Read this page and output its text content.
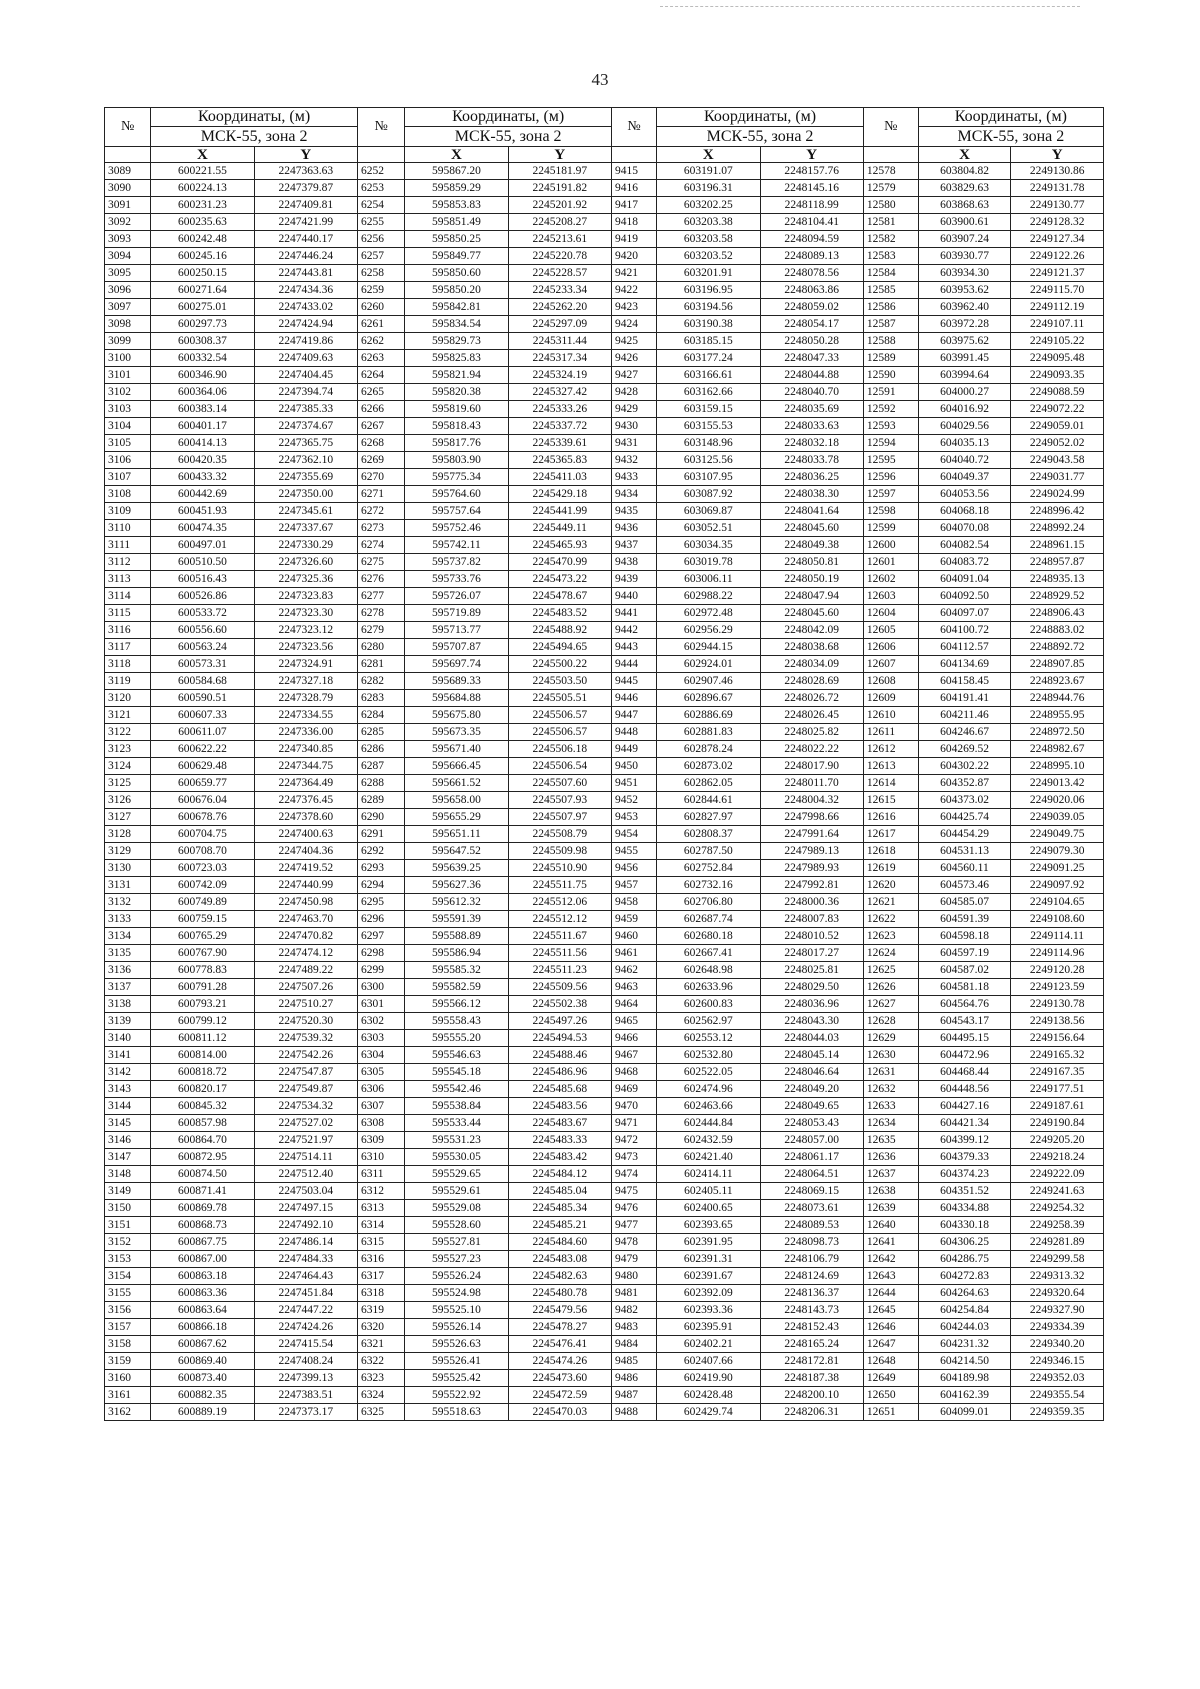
43
№	Координаты, (м)		№	Координаты, (м)		№	Координаты, (м)		№	Координаты, (м)	
	МСК-55, зона 2			МСК-55, зона 2			МСК-55, зона 2			МСК-55, зона 2	
	X	Y		X	Y		X	Y		X	Y
3089	600221.55	2247363.63	6252	595867.20	2245181.97	9415	603191.07	2248157.76	12578	603804.82	2249130.86
3090	600224.13	2247379.87	6253	595859.29	2245191.82	9416	603196.31	2248145.16	12579	603829.63	2249131.78
3091	600231.23	2247409.81	6254	595853.83	2245201.92	9417	603202.25	2248118.99	12580	603868.63	2249130.77
3092	600235.63	2247421.99	6255	595851.49	2245208.27	9418	603203.38	2248104.41	12581	603900.61	2249128.32
3093	600242.48	2247440.17	6256	595850.25	2245213.61	9419	603203.58	2248094.59	12582	603907.24	2249127.34
3094	600245.16	2247446.24	6257	595849.77	2245220.78	9420	603203.52	2248089.13	12583	603930.77	2249122.26
3095	600250.15	2247443.81	6258	595850.60	2245228.57	9421	603201.91	2248078.56	12584	603934.30	2249121.37
3096	600271.64	2247434.36	6259	595850.20	2245233.34	9422	603196.95	2248063.86	12585	603953.62	2249115.70
3097	600275.01	2247433.02	6260	595842.81	2245262.20	9423	603194.56	2248059.02	12586	603962.40	2249112.19
3098	600297.73	2247424.94	6261	595834.54	2245297.09	9424	603190.38	2248054.17	12587	603972.28	2249107.11
3099	600308.37	2247419.86	6262	595829.73	2245311.44	9425	603185.15	2248050.28	12588	603975.62	2249105.22
3100	600332.54	2247409.63	6263	595825.83	2245317.34	9426	603177.24	2248047.33	12589	603991.45	2249095.48
3101	600346.90	2247404.45	6264	595821.94	2245324.19	9427	603166.61	2248044.88	12590	603994.64	2249093.35
3102	600364.06	2247394.74	6265	595820.38	2245327.42	9428	603162.66	2248040.70	12591	604000.27	2249088.59
3103	600383.14	2247385.33	6266	595819.60	2245333.26	9429	603159.15	2248035.69	12592	604016.92	2249072.22
3104	600401.17	2247374.67	6267	595818.43	2245337.72	9430	603155.53	2248033.63	12593	604029.56	2249059.01
3105	600414.13	2247365.75	6268	595817.76	2245339.61	9431	603148.96	2248032.18	12594	604035.13	2249052.02
3106	600420.35	2247362.10	6269	595803.90	2245365.83	9432	603125.56	2248033.78	12595	604040.72	2249043.58
3107	600433.32	2247355.69	6270	595775.34	2245411.03	9433	603107.95	2248036.25	12596	604049.37	2249031.77
3108	600442.69	2247350.00	6271	595764.60	2245429.18	9434	603087.92	2248038.30	12597	604053.56	2249024.99
3109	600451.93	2247345.61	6272	595757.64	2245441.99	9435	603069.87	2248041.64	12598	604068.18	2248996.42
3110	600474.35	2247337.67	6273	595752.46	2245449.11	9436	603052.51	2248045.60	12599	604070.08	2248992.24
3111	600497.01	2247330.29	6274	595742.11	2245465.93	9437	603034.35	2248049.38	12600	604082.54	2248961.15
3112	600510.50	2247326.60	6275	595737.82	2245470.99	9438	603019.78	2248050.81	12601	604083.72	2248957.87
3113	600516.43	2247325.36	6276	595733.76	2245473.22	9439	603006.11	2248050.19	12602	604091.04	2248935.13
3114	600526.86	2247323.83	6277	595726.07	2245478.67	9440	602988.22	2248047.94	12603	604092.50	2248929.52
3115	600533.72	2247323.30	6278	595719.89	2245483.52	9441	602972.48	2248045.60	12604	604097.07	2248906.43
3116	600556.60	2247323.12	6279	595713.77	2245488.92	9442	602956.29	2248042.09	12605	604100.72	2248883.02
3117	600563.24	2247323.56	6280	595707.87	2245494.65	9443	602944.15	2248038.68	12606	604112.57	2248892.72
3118	600573.31	2247324.91	6281	595697.74	2245500.22	9444	602924.01	2248034.09	12607	604134.69	2248907.85
3119	600584.68	2247327.18	6282	595689.33	2245503.50	9445	602907.46	2248028.69	12608	604158.45	2248923.67
3120	600590.51	2247328.79	6283	595684.88	2245505.51	9446	602896.67	2248026.72	12609	604191.41	2248944.76
3121	600607.33	2247334.55	6284	595675.80	2245506.57	9447	602886.69	2248026.45	12610	604211.46	2248955.95
3122	600611.07	2247336.00	6285	595673.35	2245506.57	9448	602881.83	2248025.82	12611	604246.67	2248972.50
3123	600622.22	2247340.85	6286	595671.40	2245506.18	9449	602878.24	2248022.22	12612	604269.52	2248982.67
3124	600629.48	2247344.75	6287	595666.45	2245506.54	9450	602873.02	2248017.90	12613	604302.22	2248995.10
3125	600659.77	2247364.49	6288	595661.52	2245507.60	9451	602862.05	2248011.70	12614	604352.87	2249013.42
3126	600676.04	2247376.45	6289	595658.00	2245507.93	9452	602844.61	2248004.32	12615	604373.02	2249020.06
3127	600678.76	2247378.60	6290	595655.29	2245507.97	9453	602827.97	2247998.66	12616	604425.74	2249039.05
3128	600704.75	2247400.63	6291	595651.11	2245508.79	9454	602808.37	2247991.64	12617	604454.29	2249049.75
3129	600708.70	2247404.36	6292	595647.52	2245509.98	9455	602787.50	2247989.13	12618	604531.13	2249079.30
3130	600723.03	2247419.52	6293	595639.25	2245510.90	9456	602752.84	2247989.93	12619	604560.11	2249091.25
3131	600742.09	2247440.99	6294	595627.36	2245511.75	9457	602732.16	2247992.81	12620	604573.46	2249097.92
3132	600749.89	2247450.98	6295	595612.32	2245512.06	9458	602706.80	2248000.36	12621	604585.07	2249104.65
3133	600759.15	2247463.70	6296	595591.39	2245512.12	9459	602687.74	2248007.83	12622	604591.39	2249108.60
3134	600765.29	2247470.82	6297	595588.89	2245511.67	9460	602680.18	2248010.52	12623	604598.18	2249114.11
3135	600767.90	2247474.12	6298	595586.94	2245511.56	9461	602667.41	2248017.27	12624	604597.19	2249114.96
3136	600778.83	2247489.22	6299	595585.32	2245511.23	9462	602648.98	2248025.81	12625	604587.02	2249120.28
3137	600791.28	2247507.26	6300	595582.59	2245509.56	9463	602633.96	2248029.50	12626	604581.18	2249123.59
3138	600793.21	2247510.27	6301	595566.12	2245502.38	9464	602600.83	2248036.96	12627	604564.76	2249130.78
3139	600799.12	2247520.30	6302	595558.43	2245497.26	9465	602562.97	2248043.30	12628	604543.17	2249138.56
3140	600811.12	2247539.32	6303	595555.20	2245494.53	9466	602553.12	2248044.03	12629	604495.15	2249156.64
3141	600814.00	2247542.26	6304	595546.63	2245488.46	9467	602532.80	2248045.14	12630	604472.96	2249165.32
3142	600818.72	2247547.87	6305	595545.18	2245486.96	9468	602522.05	2248046.64	12631	604468.44	2249167.35
3143	600820.17	2247549.87	6306	595542.46	2245485.68	9469	602474.96	2248049.20	12632	604448.56	2249177.51
3144	600845.32	2247534.32	6307	595538.84	2245483.56	9470	602463.66	2248049.65	12633	604427.16	2249187.61
3145	600857.98	2247527.02	6308	595533.44	2245483.67	9471	602444.84	2248053.43	12634	604421.34	2249190.84
3146	600864.70	2247521.97	6309	595531.23	2245483.33	9472	602432.59	2248057.00	12635	604399.12	2249205.20
3147	600872.95	2247514.11	6310	595530.05	2245483.42	9473	602421.40	2248061.17	12636	604379.33	2249218.24
3148	600874.50	2247512.40	6311	595529.65	2245484.12	9474	602414.11	2248064.51	12637	604374.23	2249222.09
3149	600871.41	2247503.04	6312	595529.61	2245485.04	9475	602405.11	2248069.15	12638	604351.52	2249241.63
3150	600869.78	2247497.15	6313	595529.08	2245485.34	9476	602400.65	2248073.61	12639	604334.88	2249254.32
3151	600868.73	2247492.10	6314	595528.60	2245485.21	9477	602393.65	2248089.53	12640	604330.18	2249258.39
3152	600867.75	2247486.14	6315	595527.81	2245484.60	9478	602391.95	2248098.73	12641	604306.25	2249281.89
3153	600867.00	2247484.33	6316	595527.23	2245483.08	9479	602391.31	2248106.79	12642	604286.75	2249299.58
3154	600863.18	2247464.43	6317	595526.24	2245482.63	9480	602391.67	2248124.69	12643	604272.83	2249313.32
3155	600863.36	2247451.84	6318	595524.98	2245480.78	9481	602392.09	2248136.37	12644	604264.63	2249320.64
3156	600863.64	2247447.22	6319	595525.10	2245479.56	9482	602393.36	2248143.73	12645	604254.84	2249327.90
3157	600866.18	2247424.26	6320	595526.14	2245478.27	9483	602395.91	2248152.43	12646	604244.03	2249334.39
3158	600867.62	2247415.54	6321	595526.63	2245476.41	9484	602402.21	2248165.24	12647	604231.32	2249340.20
3159	600869.40	2247408.24	6322	595526.41	2245474.26	9485	602407.66	2248172.81	12648	604214.50	2249346.15
3160	600873.40	2247399.13	6323	595525.42	2245473.60	9486	602419.90	2248187.38	12649	604189.98	2249352.03
3161	600882.35	2247383.51	6324	595522.92	2245472.59	9487	602428.48	2248200.10	12650	604162.39	2249355.54
3162	600889.19	2247373.17	6325	595518.63	2245470.03	9488	602429.74	2248206.31	12651	604099.01	2249359.35
